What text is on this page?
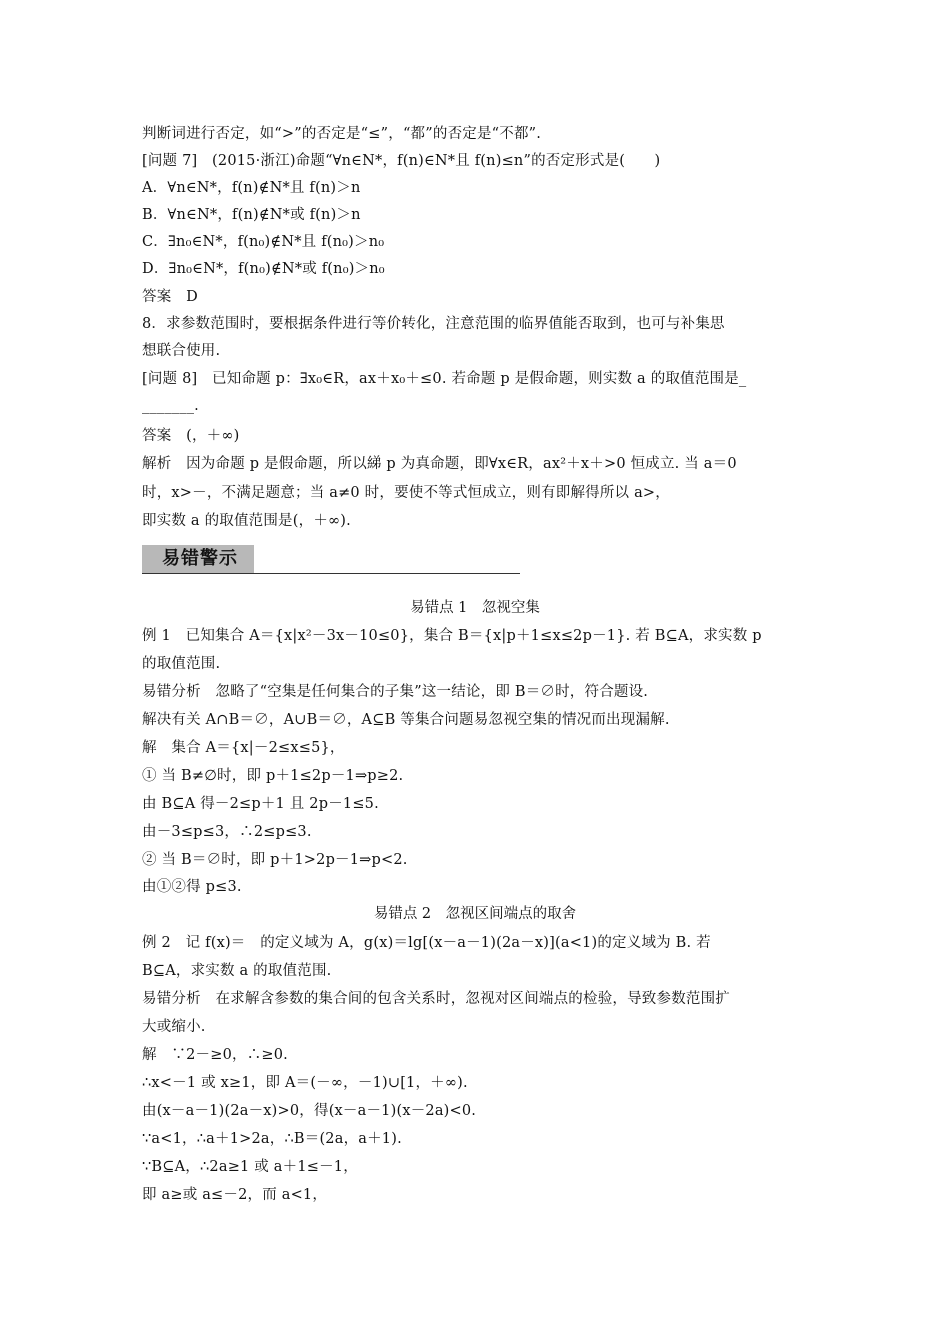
判断词进行否定，如“>”的否定是“≤”，“都”的否定是“不都”.
[问题 7]　(2015·浙江)命题“∀n∈N*，f(n)∈N*且 f(n)≤n”的否定形式是(　　)
A．∀n∈N*，f(n)∉N*且 f(n)＞n
B．∀n∈N*，f(n)∉N*或 f(n)＞n
C．∃n₀∈N*，f(n₀)∉N*且 f(n₀)＞n₀
D．∃n₀∈N*，f(n₀)∉N*或 f(n₀)＞n₀
答案　D
8．求参数范围时，要根据条件进行等价转化，注意范围的临界值能否取到，也可与补集思
想联合使用.
[问题 8]　已知命题 p：∃x₀∈R，ax＋x₀＋≤0. 若命题 p 是假命题，则实数 a 的取值范围是_
_______.
答案　(，＋∞)
解析　因为命题 p 是假命题，所以綈 p 为真命题，即∀x∈R，ax²＋x＋>0 恒成立. 当 a＝0
时，x>－，不满足题意；当 a≠0 时，要使不等式恒成立，则有即解得所以 a>，
即实数 a 的取值范围是(，＋∞).
易错警示
易错点 1　忽视空集
例 1　已知集合 A＝{x|x²－3x－10≤0}，集合 B＝{x|p＋1≤x≤2p－1}. 若 B⊆A，求实数 p
的取值范围.
易错分析　忽略了“空集是任何集合的子集”这一结论，即 B＝∅时，符合题设.
解决有关 A∩B＝∅，A∪B＝∅，A⊆B 等集合问题易忽视空集的情况而出现漏解.
解　集合 A＝{x|－2≤x≤5}，
① 当 B≠∅时，即 p＋1≤2p－1⇒p≥2.
由 B⊆A 得－2≤p＋1 且 2p－1≤5.
由－3≤p≤3，∴2≤p≤3.
② 当 B＝∅时，即 p＋1>2p－1⇒p<2.
由①②得 p≤3.
易错点 2　忽视区间端点的取舍
例 2　记 f(x)＝　的定义域为 A，g(x)＝lg[(x－a－1)(2a－x)](a<1)的定义域为 B. 若
B⊆A，求实数 a 的取值范围.
易错分析　在求解含参数的集合间的包含关系时，忽视对区间端点的检验，导致参数范围扩
大或缩小.
解　∵2－≥0，∴≥0.
∴x<－1 或 x≥1，即 A＝(－∞，－1)∪[1，＋∞).
由(x－a－1)(2a－x)>0，得(x－a－1)(x－2a)<0.
∵a<1，∴a＋1>2a，∴B＝(2a，a＋1).
∵B⊆A，∴2a≥1 或 a＋1≤－1，
即 a≥或 a≤－2，而 a<1，
